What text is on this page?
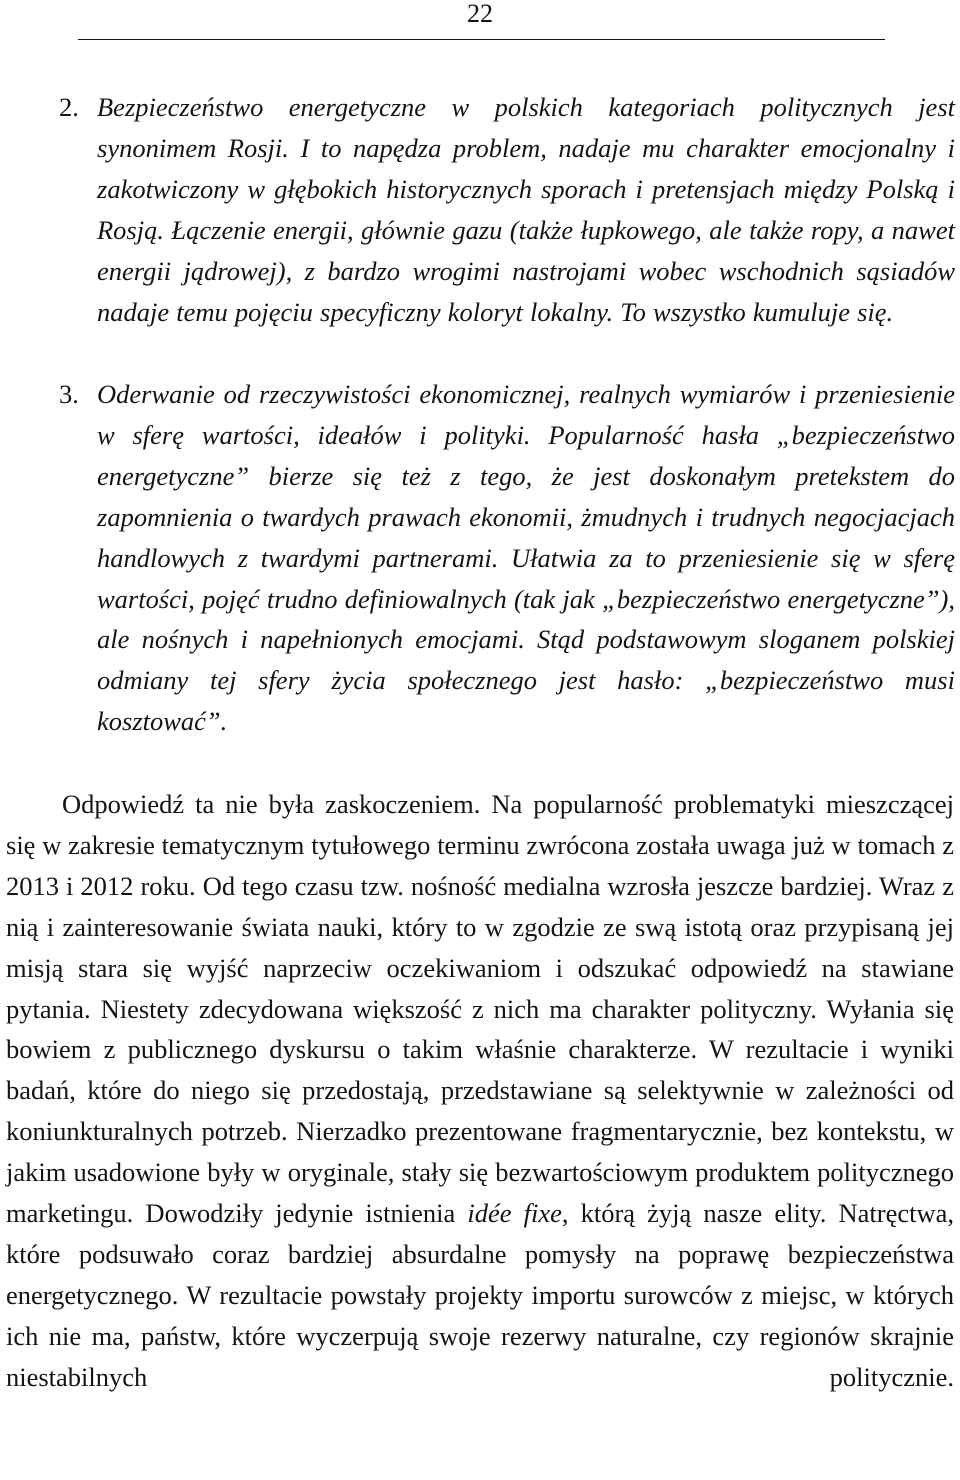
22
2. Bezpieczeństwo energetyczne w polskich kategoriach politycznych jest synonimem Rosji. I to napędza problem, nadaje mu charakter emocjonalny i zakotwiczony w głębokich historycznych sporach i pretensjach między Polską i Rosją. Łączenie energii, głównie gazu (także łupkowego, ale także ropy, a nawet energii jądrowej), z bardzo wrogimi nastrojami wobec wschodnich sąsiadów nadaje temu pojęciu specyficzny koloryt lokalny. To wszystko kumuluje się.
3. Oderwanie od rzeczywistości ekonomicznej, realnych wymiarów i przeniesienie w sferę wartości, ideałów i polityki. Popularność hasła „bezpieczeństwo energetyczne” bierze się też z tego, że jest doskonałym pretekstem do zapomnienia o twardych prawach ekonomii, żmudnych i trudnych negocjacjach handlowych z twardymi partnerami. Ułatwia za to przeniesienie się w sferę wartości, pojęć trudno definiowalnych (tak jak „bezpieczeństwo energetyczne”), ale nośnych i napełnionych emocjami. Stąd podstawowym sloganem polskiej odmiany tej sfery życia społecznego jest hasło: „bezpieczeństwo musi kosztować”.

Odpowiedź ta nie była zaskoczeniem. Na popularność problematyki mieszczącej się w zakresie tematycznym tytułowego terminu zwrócona została uwaga już w tomach z 2013 i 2012 roku. Od tego czasu tzw. nośność medialna wzrosła jeszcze bardziej. Wraz z nią i zainteresowanie świata nauki, który to w zgodzie ze swą istotą oraz przypisaną jej misją stara się wyjść naprzeciw oczekiwaniom i odszukać odpowiedź na stawiane pytania. Niestety zdecydowana większość z nich ma charakter polityczny. Wyłania się bowiem z publicznego dyskursu o takim właśnie charakterze. W rezultacie i wyniki badań, które do niego się przedostają, przedstawiane są selektywnie w zależności od koniunkturalnych potrzeb. Nierzadko prezentowane fragmentarycznie, bez kontekstu, w jakim usadowione były w oryginale, stały się bezwartościowym produktem politycznego marketingu. Dowodziły jedynie istnienia idée fixe, którą żyją nasze elity. Natręctwa, które podsuwało coraz bardziej absurdalne pomysły na poprawę bezpieczeństwa energetycznego. W rezultacie powstały projekty importu surowców z miejsc, w których ich nie ma, państw, które wyczerpują swoje rezerwy naturalne, czy regionów skrajnie niestabilnych politycznie.
